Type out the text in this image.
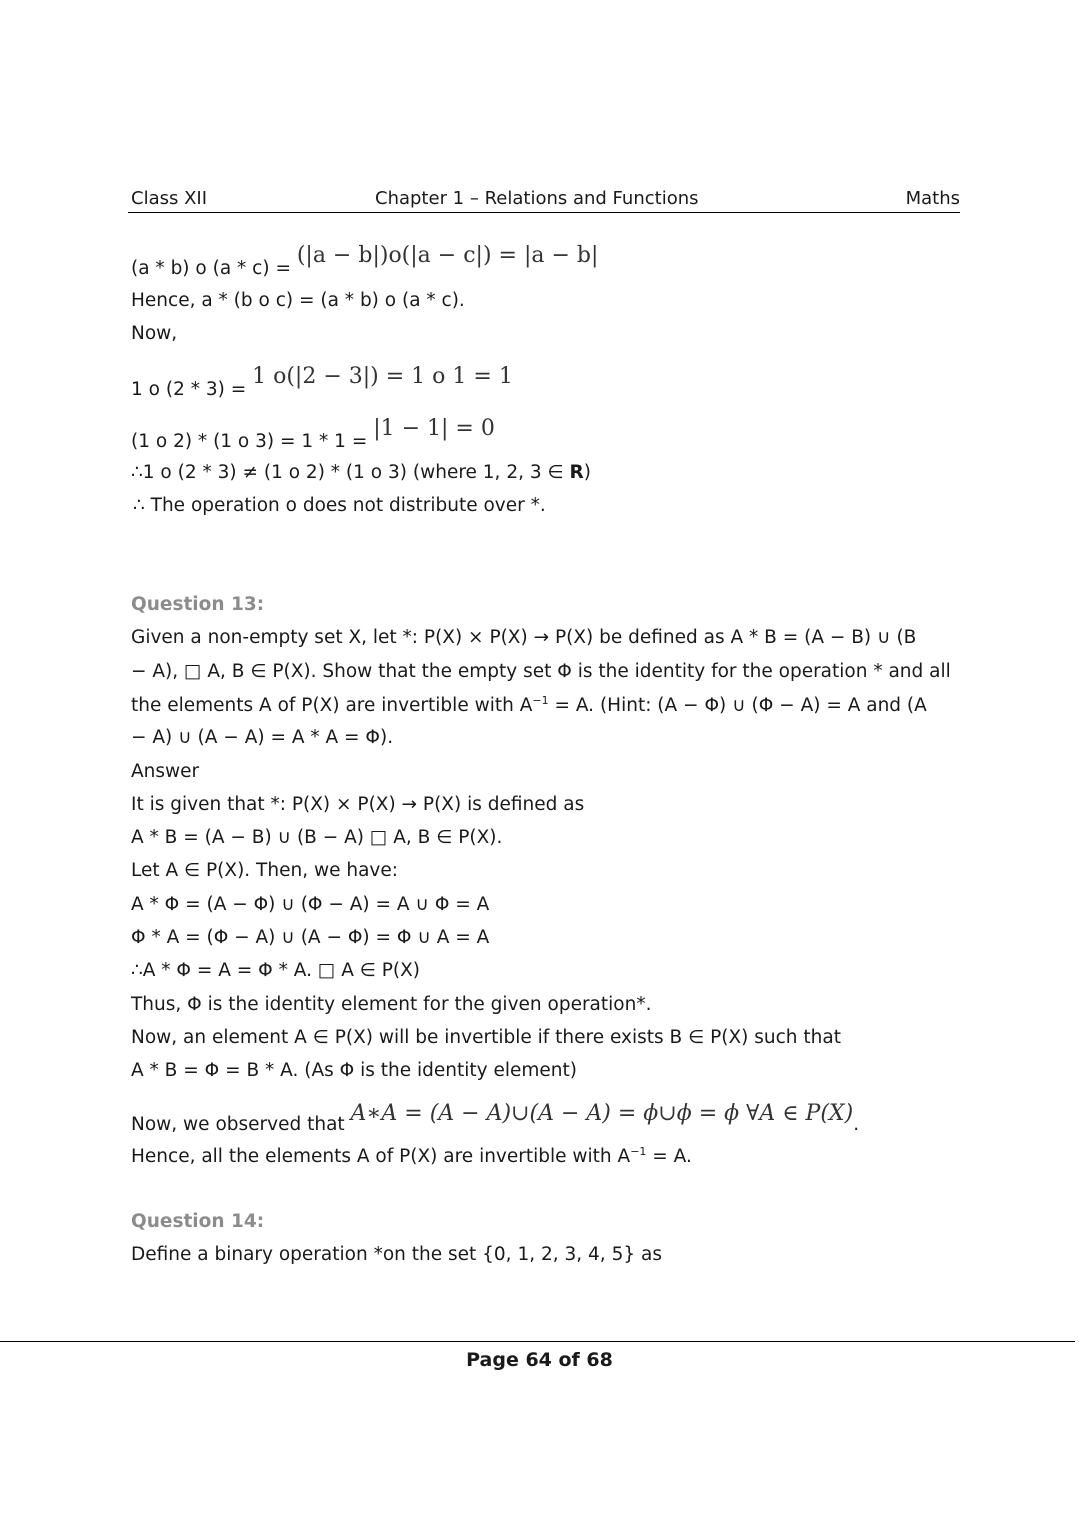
Class XII	Chapter 1 – Relations and Functions	Maths
(a * b) o (a * c) = (|a − b|)o(|a − c|) = |a − b|
Hence, a * (b o c) = (a * b) o (a * c).
Now,
1 o (2 * 3) = 1 o(|2 − 3|) = 1 o 1 = 1
(1 o 2) * (1 o 3) = 1 * 1 = |1 − 1| = 0
∴1 o (2 * 3) ≠ (1 o 2) * (1 o 3) (where 1, 2, 3 ∈ R)
∴ The operation o does not distribute over *.
Question 13:
Given a non-empty set X, let *: P(X) × P(X) → P(X) be defined as A * B = (A − B) ∪ (B
− A), □ A, B ∈ P(X). Show that the empty set Φ is the identity for the operation * and all
the elements A of P(X) are invertible with $A^{-1} = A$. (Hint: (A − Φ) ∪ (Φ − A) = A and (A
− A) ∪ (A − A) = A * A = Φ).
Answer
It is given that *: P(X) × P(X) → P(X) is defined as
A * B = (A − B) ∪ (B − A) □ A, B ∈ P(X).
Let A ∈ P(X). Then, we have:
A * Φ = (A − Φ) ∪ (Φ − A) = A ∪ Φ = A
Φ * A = (Φ − A) ∪ (A − Φ) = Φ ∪ A = A
∴A * Φ = A = Φ * A. □ A ∈ P(X)
Thus, Φ is the identity element for the given operation*.
Now, an element A ∈ P(X) will be invertible if there exists B ∈ P(X) such that
A * B = Φ = B * A. (As Φ is the identity element)
Now, we observed that A∗A = (A − A)∪(A − A) = ϕ∪ϕ = ϕ ∀A ∈ P(X).
Hence, all the elements A of P(X) are invertible with $A^{-1} = A$.
Question 14:
Define a binary operation *on the set {0, 1, 2, 3, 4, 5} as
Page 64 of 68
